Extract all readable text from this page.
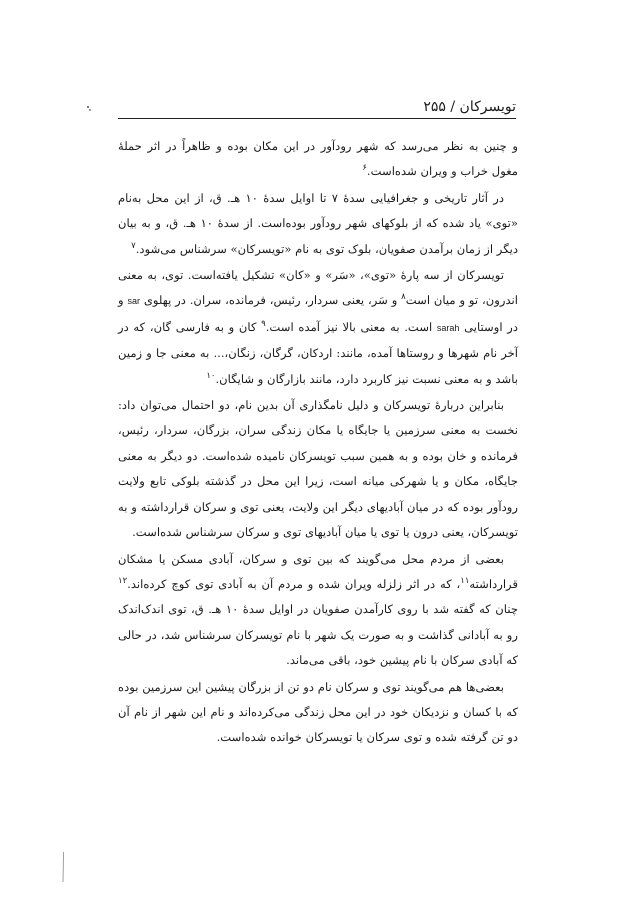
تویسرکان / ۲۵۵

و چنین به نظر می‌رسد که شهر رودآور در این مکان بوده و ظاهراً در اثر حملهٔ مغول خراب و ویران شده‌است.$^۶$

در آثار تاریخی و جغرافیایی سدهٔ ۷ تا اوایل سدهٔ ۱۰ هـ. ق، از این محل به‌نام «توی» یاد شده که از بلوکهای شهر رودآور بوده‌است. از سدهٔ ۱۰ هـ. ق، و به بیان دیگر از زمان برآمدن صفویان، بلوک توی به نام «تویسرکان» سرشناس می‌شود.$^۷$

تویسرکان از سه پارهٔ «توی»، «سَر» و «کان» تشکیل یافته‌است. توی، به معنی اندرون، تو و میان است$^۸$ و سَر، یعنی سردار، رئیس، فرمانده، سران. در پهلوی sar و در اوستایی sarah است. به معنی بالا نیز آمده است.$^۹$ کان و به فارسی گان، که در آخر نام شهرها و روستاها آمده، مانند: اردکان، گرگان، زنگان،... به معنی جا و زمین باشد و به معنی نسبت نیز کاربرد دارد، مانند بازارگان و شایگان.$^{۱۰}$

بنابراین دربارهٔ تویسرکان و دلیل نامگذاری آن بدین نام، دو احتمال می‌توان داد: نخست به معنی سرزمین یا جایگاه یا مکان زندگی سران، بزرگان، سردار، رئیس، فرمانده و خان بوده و به همین سبب تویسرکان نامیده شده‌است. دو دیگر به معنی جایگاه، مکان و یا شهرکی میانه است، زیرا این محل در گذشته بلوکی تابع ولایت رودآور بوده که در میان آبادیهای دیگر این ولایت، یعنی توی و سرکان قرارداشته و به تویسرکان، یعنی درون یا توی یا میان آبادیهای توی و سرکان سرشناس شده‌است.

بعضی از مردم محل می‌گویند که بین توی و سرکان، آبادی مسکن یا مشکان قرارداشته$^{۱۱}$، که در اثر زلزله ویران شده و مردم آن به آبادی توی کوچ کرده‌اند.$^{۱۲}$ چنان که گفته شد با روی کارآمدن صفویان در اوایل سدهٔ ۱۰ هـ. ق، توی اندک‌اندک رو به آبادانی گذاشت و به صورت یک شهر با نام تویسرکان سرشناس شد، در حالی که آبادی سرکان با نام پیشین خود، باقی می‌ماند.

بعضی‌ها هم می‌گویند توی و سرکان نام دو تن از بزرگان پیشین این سرزمین بوده که با کسان و نزدیکان خود در این محل زندگی می‌کرده‌اند و نام این شهر از نام آن دو تن گرفته شده و توی سرکان یا تویسرکان خوانده شده‌است.
